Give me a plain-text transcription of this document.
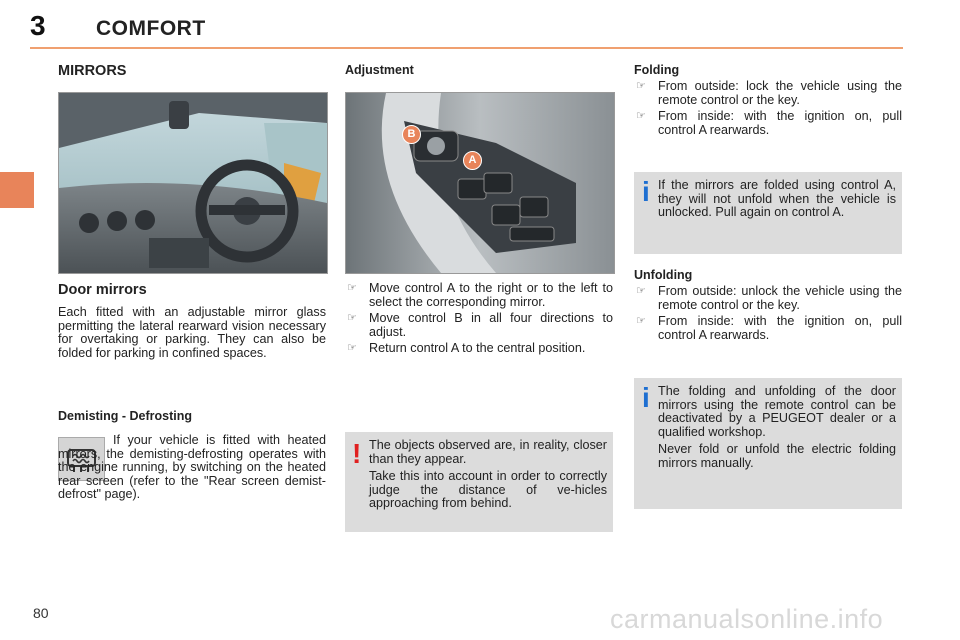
3 COMFORT
MIRRORS
Door mirrors

Each fitted with an adjustable mirror glass permitting the lateral rearward vision necessary for overtaking or parking. They can also be folded for parking in confined spaces.

Demisting - Defrosting

If your vehicle is fitted with heated mirrors, the demisting-defrosting operates with the engine running, by switching on the heated rear screen (refer to the "Rear screen demist-defrost" page).

Adjustment
B
A
☞ Move control A to the right or to the left to select the corresponding mirror.
☞ Move control B in all four directions to adjust.
☞ Return control A to the central position.
! The objects observed are, in reality, closer than they appear.

Take this into account in order to correctly judge the distance of ve-hicles approaching from behind.

Folding
☞ From outside: lock the vehicle using the remote control or the key.
☞ From inside: with the ignition on, pull control A rearwards.
i If the mirrors are folded using control A, they will not unfold when the vehicle is unlocked. Pull again on control A.

Unfolding
☞ From outside: unlock the vehicle using the remote control or the key.
☞ From inside: with the ignition on, pull control A rearwards.
i The folding and unfolding of the door mirrors using the remote control can be deactivated by a PEUGEOT dealer or a qualified workshop.

Never fold or unfold the electric folding mirrors manually.

80	carmanualsonline.info
